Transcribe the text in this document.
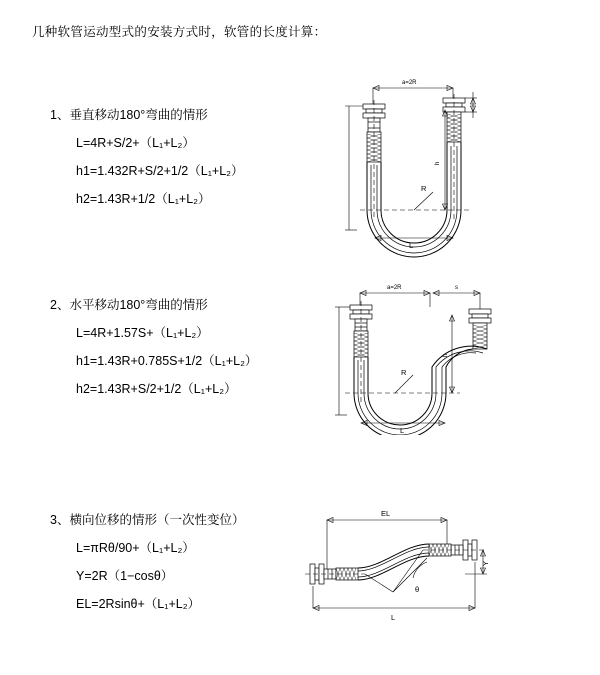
几种软管运动型式的安装方式时，软管的长度计算：
1、垂直移动180°弯曲的情形
L=4R+S/2+（L₁+L₂）
h1=1.432R+S/2+1/2（L₁+L₂）
h2=1.43R+1/2（L₁+L₂）
a=2R
R
h
L
2、水平移动180°弯曲的情形
L=4R+1.57S+（L₁+L₂）
h1=1.43R+0.785S+1/2（L₁+L₂）
h2=1.43R+S/2+1/2（L₁+L₂）
a=2R	s
R
h
L
3、横向位移的情形（一次性变位）
L=πRθ/90+（L₁+L₂）
Y=2R（1−cosθ）
EL=2Rsinθ+（L₁+L₂）
EL
θ
Y
L
